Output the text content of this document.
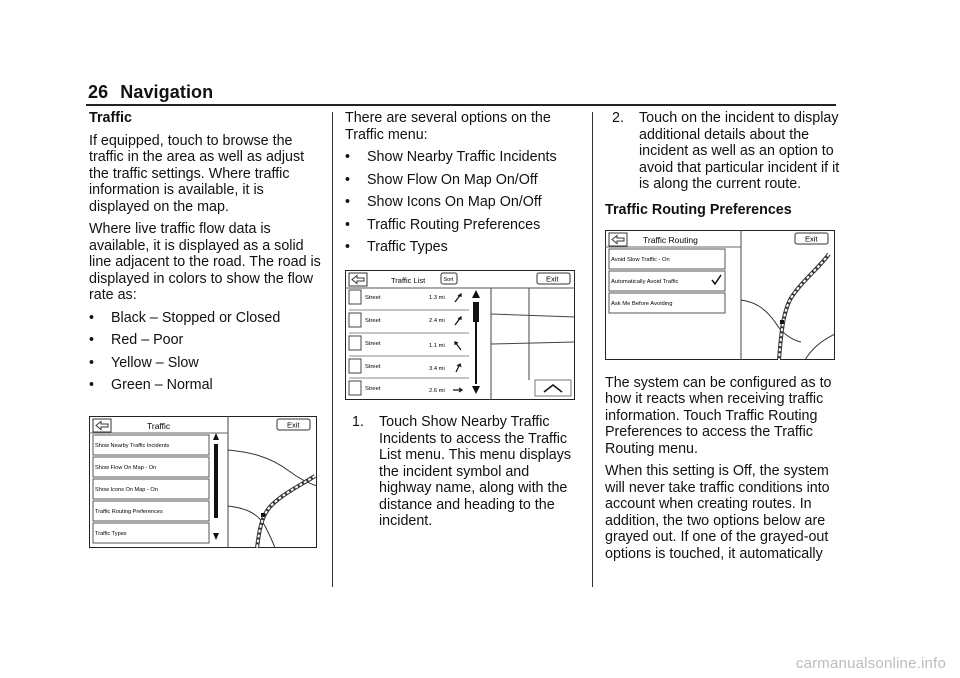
26 Navigation
Traffic

If equipped, touch to browse the traffic in the area as well as adjust the traffic settings. Where traffic information is available, it is displayed on the map.

Where live traffic flow data is available, it is displayed as a solid line adjacent to the road. The road is displayed in colors to show the flow rate as:

• Black – Stopped or Closed
• Red – Poor
• Yellow – Slow
• Green – Normal
Traffic	Exit
Show Nearby Traffic Incidents
Show Flow On Map - On
Show Icons On Map - On
Traffic Routing Preferences
Traffic Types

There are several options on the Traffic menu:

• Show Nearby Traffic Incidents
• Show Flow On Map On/Off
• Show Icons On Map On/Off
• Traffic Routing Preferences
• Traffic Types
Traffic List	Sort	Exit
Street	1.3 mi
Street	2.4 mi
Street	1.1 mi
Street	3.4 mi
Street	2.6 mi
1. Touch Show Nearby Traffic Incidents to access the Traffic List menu. This menu displays the incident symbol and highway name, along with the distance and heading to the incident.
2. Touch on the incident to display additional details about the incident as well as an option to avoid that particular incident if it is along the current route.
Traffic Routing Preferences
Traffic Routing	Exit
Avoid Slow Traffic - On
Automatically Avoid Traffic
Ask Me Before Avoiding

The system can be configured as to how it reacts when receiving traffic information. Touch Traffic Routing Preferences to access the Traffic Routing menu.

When this setting is Off, the system will never take traffic conditions into account when creating routes. In addition, the two options below are grayed out. If one of the grayed-out options is touched, it automatically

carmanualsonline.info
